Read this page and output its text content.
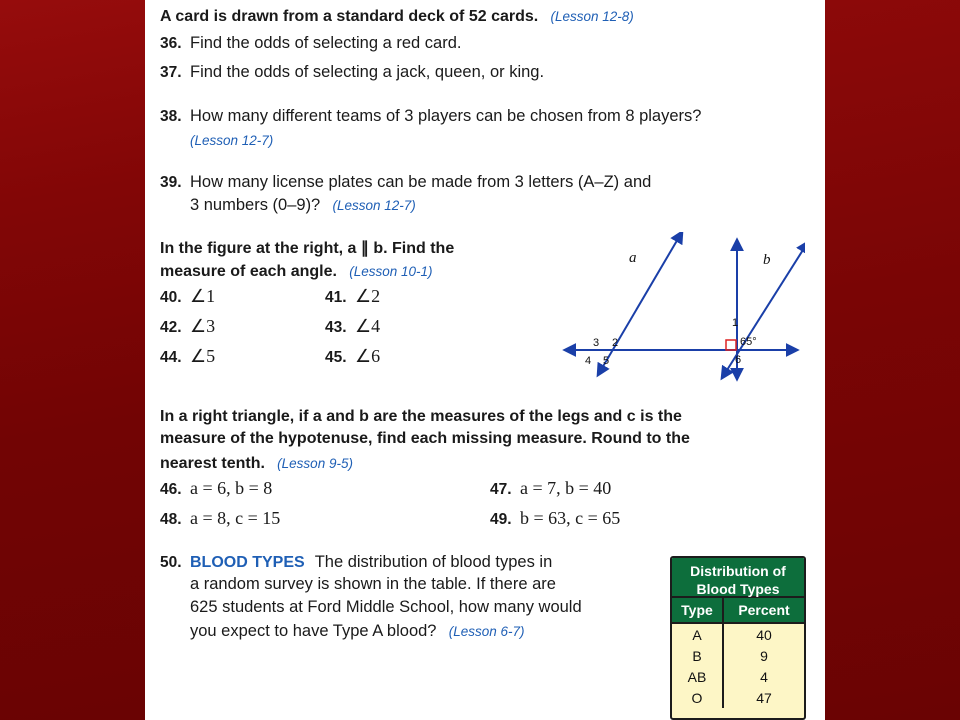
A card is drawn from a standard deck of 52 cards. (Lesson 12-8)
36. Find the odds of selecting a red card.
37. Find the odds of selecting a jack, queen, or king.
38. How many different teams of 3 players can be chosen from 8 players?
(Lesson 12-7)
39. How many license plates can be made from 3 letters (A–Z) and
3 numbers (0–9)? (Lesson 12-7)
In the figure at the right, a ∥ b. Find the
measure of each angle. (Lesson 10-1)
40. ∠1	41. ∠2
42. ∠3	43. ∠4
44. ∠5	45. ∠6
a	b
3 2
4 5
1
65°
6
In a right triangle, if a and b are the measures of the legs and c is the
measure of the hypotenuse, find each missing measure. Round to the
nearest tenth. (Lesson 9-5)
46. a = 6, b = 8	47. a = 7, b = 40
48. a = 8, c = 15	49. b = 63, c = 65
50. BLOOD TYPES The distribution of blood types in
a random survey is shown in the table. If there are
625 students at Ford Middle School, how many would
you expect to have Type A blood? (Lesson 6-7)
Distribution of
Blood Types
Type	Percent
A	40
B	9
AB	4
O	47
